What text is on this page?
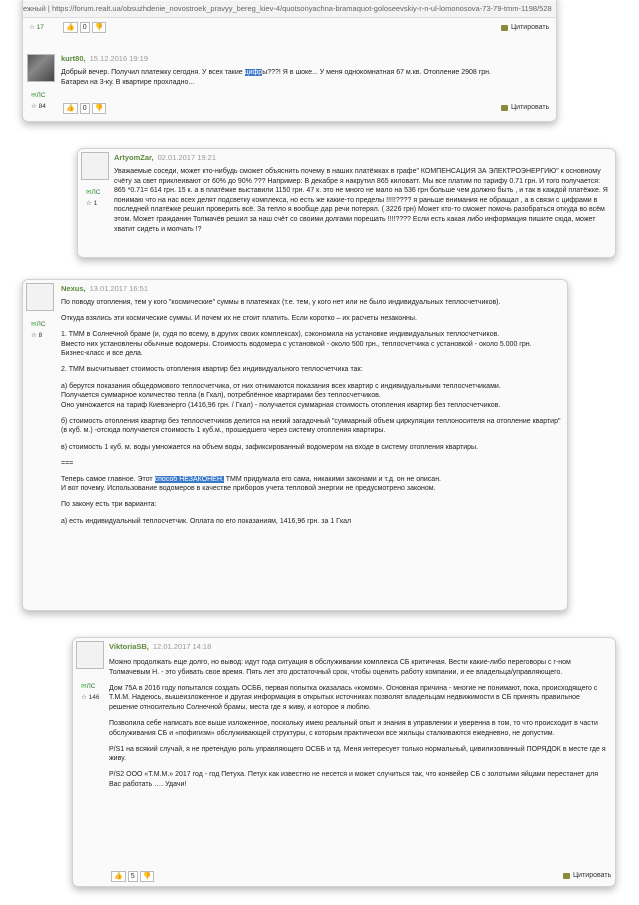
ежный | https://forum.realt.ua/obsuzhdenie_novostroek_pravyy_bereg_kiev-4/quotsonyachna-bramaquot-goloseevskiy-r-n-ul-lomonosova-73-79-tmm-1198/528
☆ 17	👍	0	👎	Цитировать
kurt80, 15.12.2016 19:19

Добрый вечер. Получил платежку сегодня. У всех такие цифры???! Я в шоке... У меня однокомнатная 67 м.кв. Отопление 2908 грн.
Батареи на 3-ку. В квартире прохладно...

✉ЛС
☆ 84	👍	0	👎	Цитировать
ArtyomZar, 02.01.2017 19:21

Уважаемые соседи, может кто-нибудь сможет объяснить почему в наших платёжках в графе" КОМПЕНСАЦИЯ ЗА ЭЛЕКТРОЭНЕРГИЮ" к основному счёту за свет приклеивают от 60% до 90% ??? Например: В декабре я накрутил 865 киловатт. Мы все платим по тарифу 0.71 грн. И того получается: 865 *0.71= 614 грн. 15 к. а в платёжке выставили 1150 грн. 47 к. это не много не мало на 536 грн больше чем должно быть , и так в каждой платёжке. Я понимаю что на нас всех делят подсветку комплекса, но есть же какие-то пределы !!!!!???? я раньше внимания не обращал , а в связи с цифрами в последней платёжке решил проверить всё. За тепло я вообще дар речи потерял. ( 3226 грн) Может кто-то сможет помочь разобраться откуда во всём этом. Может гражданин Толмачёв решил за наш счёт со своими долгами порешать !!!!???? Если есть какая либо информация пишите сюда, может хватит сидеть и молчать !?

✉ЛС
☆ 1
Nexus, 13.01.2017 16:51
✉ЛС
☆ 8

По поводу отопления, тем у кого "космические" суммы в платежках (т.е. тем, у кого нет или не было индивидуальных теплосчетчиков).

Откуда взялись эти космические суммы. И почем их не стоит платить. Если коротко – их расчеты незаконны.

1. ТММ в Солнечной браме (и, судя по всему, в других своих комплексах), сэкономила на установке индивидуальных теплосчетчиков.
Вместо них установлены обычные водомеры. Стоимость водомера с установкой - около 500 грн., теплосчетчика с установкой - около 5.000 грн.
Бизнес-класс и все дела.

2. ТММ высчитывает стоимость отопления квартир без индивидуального теплосчетчика так:

а) берутся показания общедомового теплосчетчика, от них отнимаются показания всех квартир с индивидуальными теплосчетчиками.
Получается суммарное количество тепла (в Гкал), потреблённое квартирами без теплосчетчиков.
Оно умножается на тариф Киевэнерго (1416,96 грн. / Гкал) - получается суммарная стоимость отопления квартир без теплосчетчиков.

б) стоимость отопления квартир без теплосчетчиков делится на некий загадочный "суммарный объем циркуляции теплоносителя на отопление квартир" (в куб. м.) -отсюда получается стоимость 1 куб.м., прошедшего через систему отопления квартиры.

в) стоимость 1 куб. м. воды умножается на объем воды, зафиксированный водомером на входе в систему отопления квартиры.

===

Теперь самое главное. Этот способ НЕЗАКОНЕН. ТММ придумала его сама, никакими законами и т.д. он не описан.
И вот почему. Использование водомеров в качестве приборов учета тепловой энергии не предусмотрено законом.

По закону есть три варианта:

а) есть индивидуальный теплосчетчик. Оплата по его показаниям, 1416,96 грн. за 1 Гкал

ViktoriaSB, 12.01.2017 14:18
✉ЛС
☆ 146

Можно продолжать еще долго, но вывод: идут года ситуация в обслуживании комплекса СБ критичная. Вести какие-либо переговоры с г-ном Толмачевым Н. - это убивать свое время. Пять лет это достаточный срок, чтобы оценить работу компании, и ее владельца/управляющего.

Дом 75А в 2016 году попытался создать ОСББ, первая попытка оказалась «комом». Основная причина - многие не понимают, пока, происходящего с Т.М.М. Надеюсь, вышеизложенное и другая информация в открытых источниках позволят владельцам недвижимости в СБ принять правильное
решение относительно Солнечной брамы, места где я живу, и которое я люблю.

Позволила себе написать все выше изложенное, поскольку имею реальный опыт и знания в управлении и уверенна в том, то что происходит в части обслуживания СБ и «пофигизм» обслуживающей структуры, с которым практически все жильцы сталкиваются ежедневно, не допустим.

P/S1 на всякий случай, я не претендую роль управляющего ОСББ и тд. Меня интересует только нормальный, цивилизованный ПОРЯДОК в месте где я живу.

P/S2 ООО «Т.М.М.» 2017 год - год Петуха. Петух как известно не несется и может случиться так, что конвейер СБ с золотыми яйцами перестанет для Вас работать …. Удачи!

👍	5	👎	Цитировать
